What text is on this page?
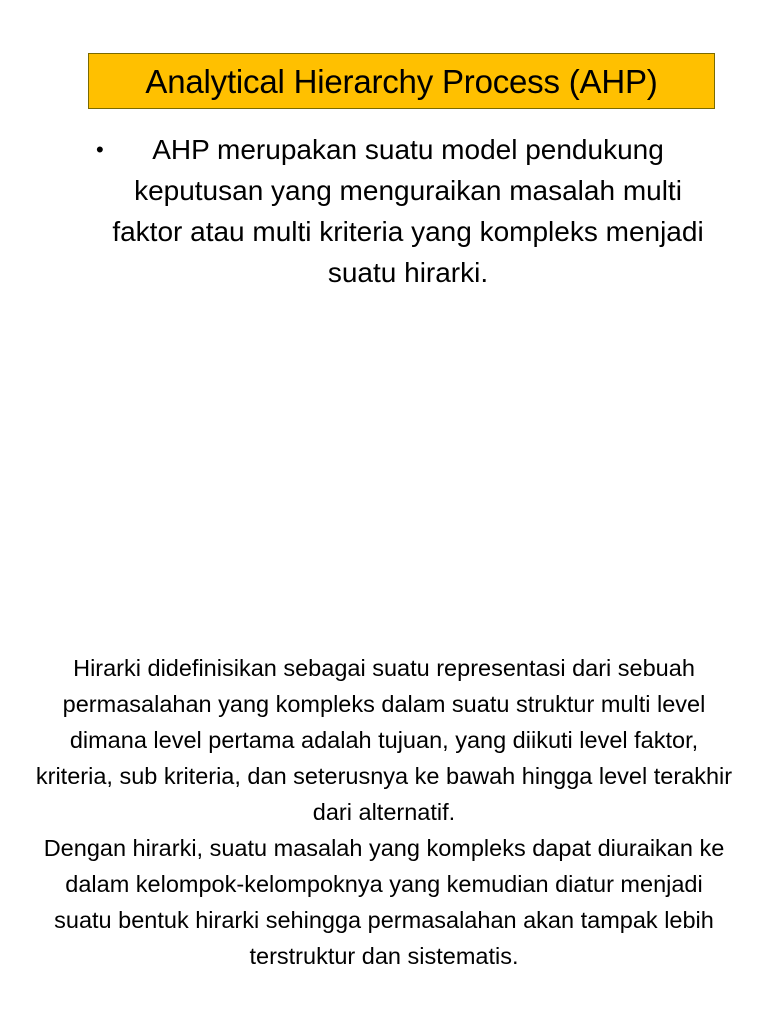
Analytical Hierarchy Process (AHP)
•	AHP merupakan suatu model pendukung keputusan yang menguraikan masalah multi faktor atau multi kriteria yang kompleks menjadi suatu hirarki.

Hirarki didefinisikan sebagai suatu representasi dari sebuah permasalahan yang kompleks dalam suatu struktur multi level dimana level pertama adalah tujuan, yang diikuti level faktor, kriteria, sub kriteria, dan seterusnya ke bawah hingga level terakhir dari alternatif.

Dengan hirarki, suatu masalah yang kompleks dapat diuraikan ke dalam kelompok-kelompoknya yang kemudian diatur menjadi suatu bentuk hirarki sehingga permasalahan akan tampak lebih terstruktur dan sistematis.
